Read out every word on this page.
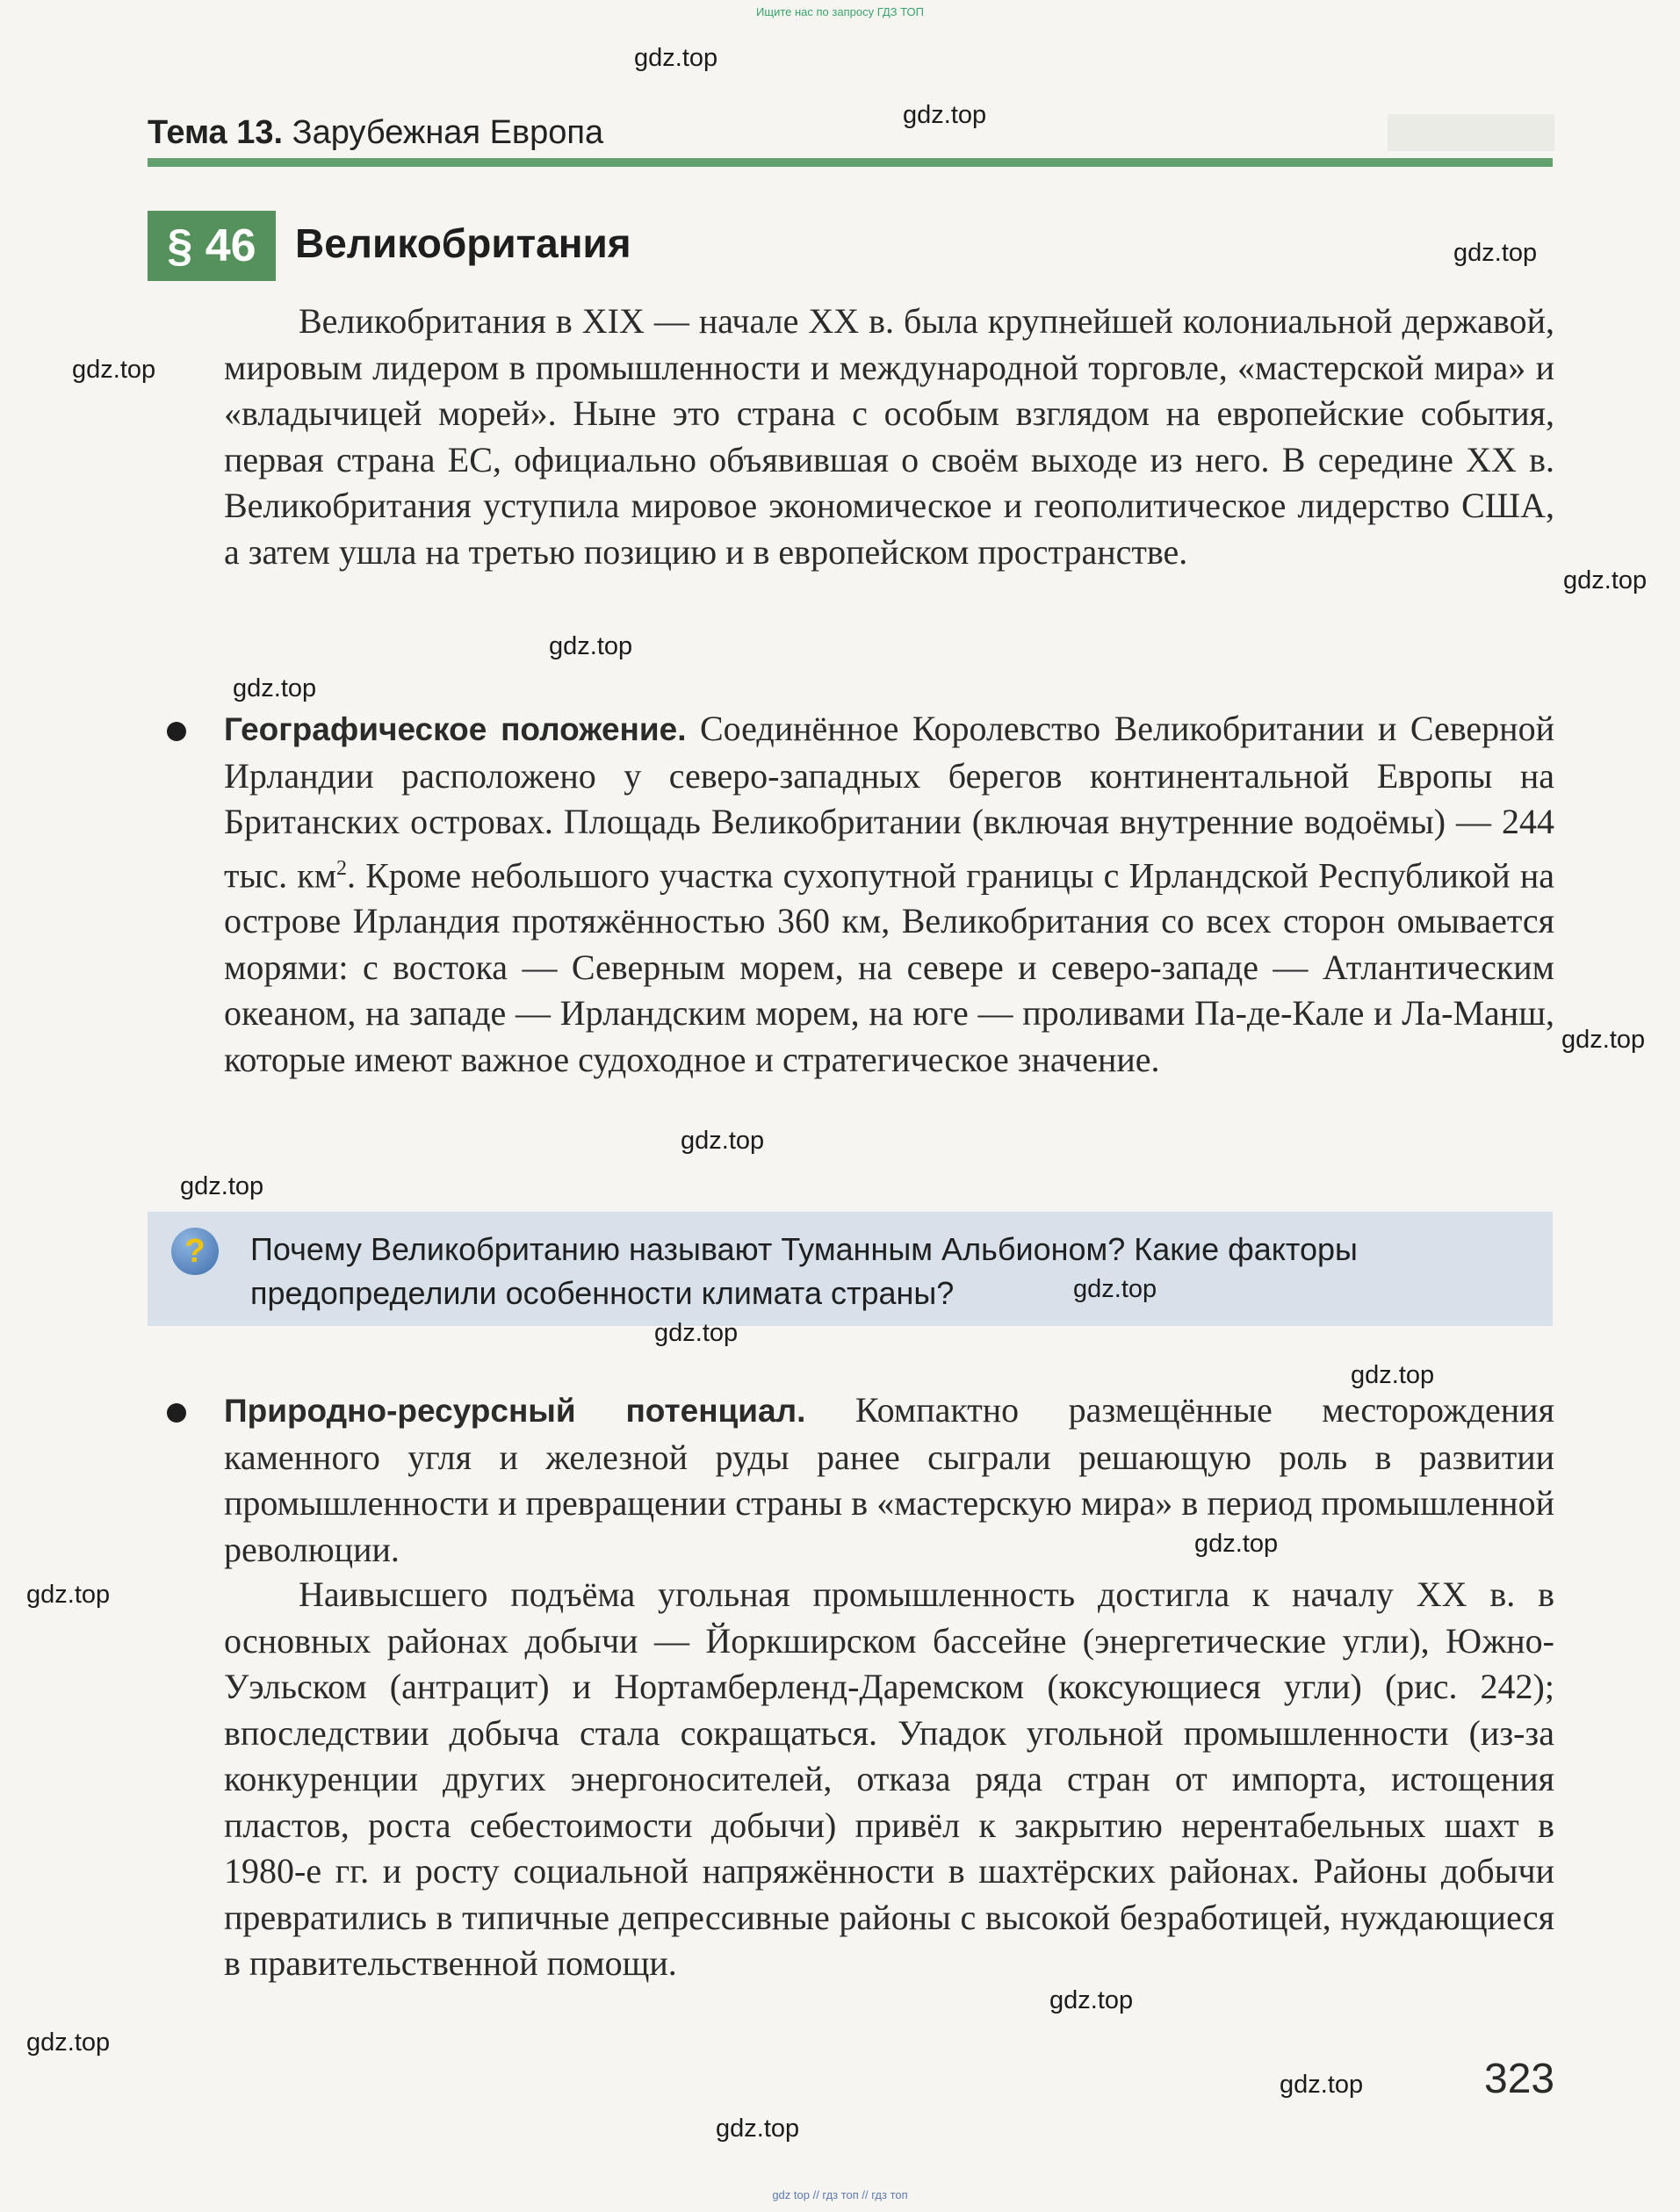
Ищите нас по запросу ГДЗ ТОП
Тема 13. Зарубежная Европа
§ 46 Великобритания
Великобритания в XIX — начале XX в. была крупнейшей колониальной державой, мировым лидером в промышленности и международной торговле, «мастерской мира» и «владычицей морей». Ныне это страна с особым взглядом на европейские события, первая страна ЕС, официально объявившая о своём выходе из него. В середине XX в. Великобритания уступила мировое экономическое и геополитическое лидерство США, а затем ушла на третью позицию и в европейском пространстве.
Географическое положение. Соединённое Королевство Великобритании и Северной Ирландии расположено у северо-западных берегов континентальной Европы на Британских островах. Площадь Великобритании (включая внутренние водоёмы) — 244 тыс. $км^2$. Кроме небольшого участка сухопутной границы с Ирландской Республикой на острове Ирландия протяжённостью 360 км, Великобритания со всех сторон омывается морями: с востока — Северным морем, на севере и северо-западе — Атлантическим океаном, на западе — Ирландским морем, на юге — проливами Па-де-Кале и Ла-Манш, которые имеют важное судоходное и стратегическое значение.
?	Почему Великобританию называют Туманным Альбионом? Какие факторы предопределили особенности климата страны?
Природно-ресурсный потенциал. Компактно размещённые месторождения каменного угля и железной руды ранее сыграли решающую роль в развитии промышленности и превращении страны в «мастерскую мира» в период промышленной революции.
Наивысшего подъёма угольная промышленность достигла к началу XX в. в основных районах добычи — Йоркширском бассейне (энергетические угли), Южно-Уэльском (антрацит) и Нортамберленд-Даремском (коксующиеся угли) (рис. 242); впоследствии добыча стала сокращаться. Упадок угольной промышленности (из-за конкуренции других энергоносителей, отказа ряда стран от импорта, истощения пластов, роста себестоимости добычи) привёл к закрытию нерентабельных шахт в 1980-е гг. и росту социальной напряжённости в шахтёрских районах. Районы добычи превратились в типичные депрессивные районы с высокой безработицей, нуждающиеся в правительственной помощи.
323
gdz top // гдз топ // гдз топ
gdz.top
gdz.top
gdz.top
gdz.top
gdz.top
gdz.top
gdz.top
gdz.top
gdz.top
gdz.top
gdz.top
gdz.top
gdz.top
gdz.top
gdz.top
gdz.top
gdz.top
gdz.top
gdz.top
